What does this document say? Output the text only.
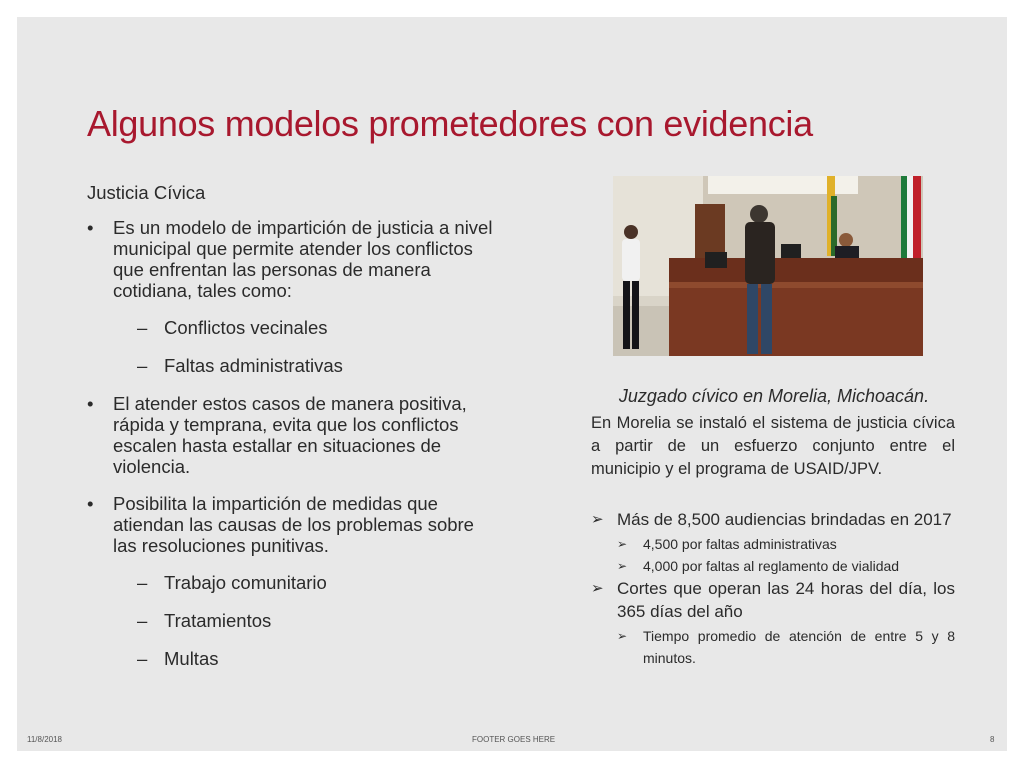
Algunos modelos prometedores con evidencia
Justicia Cívica
• Es un modelo de impartición de justicia a nivel municipal que permite atender los conflictos que enfrentan las personas de manera cotidiana, tales como:
– Conflictos vecinales
– Faltas administrativas
• El atender estos casos de manera positiva, rápida y temprana, evita que los conflictos escalen hasta estallar en situaciones de violencia.
• Posibilita la impartición de medidas que atiendan las causas de los problemas sobre las resoluciones punitivas.
– Trabajo comunitario
– Tratamientos
– Multas
Juzgado cívico en Morelia, Michoacán.
En Morelia se instaló el sistema de justicia cívica a partir de un esfuerzo conjunto entre el municipio y el programa de USAID/JPV.
➢ Más de 8,500 audiencias brindadas en 2017
➢ 4,500 por faltas administrativas
➢ 4,000 por faltas al reglamento de vialidad
➢ Cortes que operan las 24 horas del día, los 365 días del año
➢ Tiempo promedio de atención de entre 5 y 8 minutos.
11/8/2018	FOOTER GOES HERE	8
